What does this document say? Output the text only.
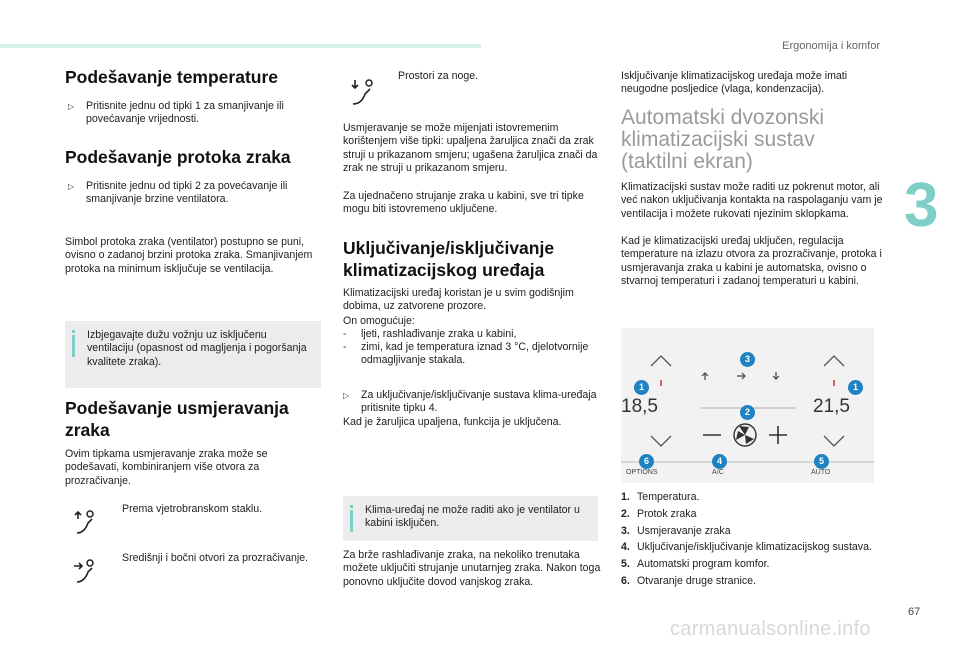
Ergonomija i komfor
3
67
carmanualsonline.info
Podešavanje temperature
▷	Pritisnite jednu od tipki 1 za smanjivanje ili povećavanje vrijednosti.
Podešavanje protoka zraka
▷	Pritisnite jednu od tipki 2 za povećavanje ili smanjivanje brzine ventilatora.

Simbol protoka zraka (ventilator) postupno se puni, ovisno o zadanoj brzini protoka zraka. Smanjivanjem protoka na minimum isključuje se ventilacija.

Izbjegavajte dužu vožnju uz isključenu ventilaciju (opasnost od magljenja i pogoršanja kvalitete zraka).
Podešavanje usmjeravanja
zraka

Ovim tipkama usmjeravanje zraka može se podešavati, kombiniranjem više otvora za prozračivanje.

Prema vjetrobranskom staklu.

Središnji i bočni otvori za prozračivanje.

Prostori za noge.

Usmjeravanje se može mijenjati istovremenim korištenjem više tipki: upaljena žaruljica znači da zrak struji u prikazanom smjeru; ugašena žaruljica znači da zrak ne struji u prikazanom smjeru.

Za ujednačeno strujanje zraka u kabini, sve tri tipke mogu biti istovremeno uključene.

Uključivanje/isključivanje
klimatizacijskog uređaja

Klimatizacijski uređaj koristan je u svim godišnjim dobima, uz zatvorene prozore.

On omogućuje:

-	ljeti, rashlađivanje zraka u kabini,
-	zimi, kad je temperatura iznad 3 °C, djelotvornije odmagljivanje stakala.
▷	Za uključivanje/isključivanje sustava klima-uređaja pritisnite tipku 4.

Kad je žaruljica upaljena, funkcija je uključena.

Klima-uređaj ne može raditi ako je ventilator u kabini isključen.

Za brže rashlađivanje zraka, na nekoliko trenutaka možete uključiti strujanje unutarnjeg zraka. Nakon toga ponovno uključite dovod vanjskog zraka.

Isključivanje klimatizacijskog uređaja može imati neugodne posljedice (vlaga, kondenzacija).

Automatski dvozonski
klimatizacijski sustav
(taktilni ekran)

Klimatizacijski sustav može raditi uz pokrenut motor, ali već nakon uključivanja kontakta na raspolaganju vam je ventilacija i možete rukovati njezinim sklopkama.

Kad je klimatizacijski uređaj uključen, regulacija temperature na izlazu otvora za prozračivanje, protoka i usmjeravanja zraka u kabini je automatska, ovisno o stvarnoj temperaturi i zadanoj temperaturi u kabini.

18,5	21,5
OPTIONS	A/C	AUTO
1	1
2
3
4	5
6
1. Temperatura.
2. Protok zraka
3. Usmjeravanje zraka
4. Uključivanje/isključivanje klimatizacijskog sustava.
5. Automatski program komfor.
6. Otvaranje druge stranice.
